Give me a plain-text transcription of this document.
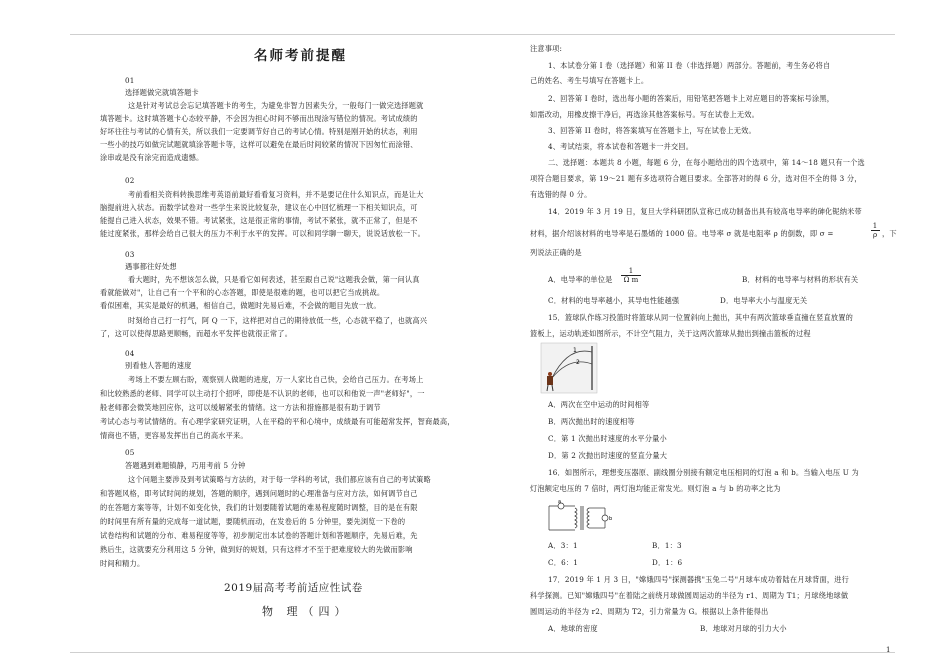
名师考前提醒
01
选择题做完就填答题卡
这是针对考试总会忘记填答题卡的考生，为避免非智力因素失分，一般每门一做完选择题就
填答题卡。这时填答题卡心态较平静，不会因为担心时间不够而出现涂写错位的情况。考试成绩的
好坏往往与考试的心情有关，所以我们一定要调节好自己的考试心情。特别是刚开始的状态，利用
一些小的技巧如做完试题就填涂答题卡等，这样可以避免在最后时间较紧的情况下因匆忙而涂错、
涂串或是没有涂完而造成遗憾。
02
考前看相关资料转换思维考英语前最好看看复习资料，并不是要记住什么知识点，而是让大
脑提前进入状态。而数学试卷对一些学生来说比较复杂，建议在心中回忆梳理一下相关知识点，可
能提自己进入状态，效果不错。考试紧张，这是很正常的事情，考试不紧张，就不正常了，但是不
能过度紧张，那样会给自己很大的压力不利于水平的发挥。可以和同学聊一聊天，说说话放松一下。
03
遇事都往好处想
看大题时，先不想该怎么做，只是看它如何表述，甚至跟自己说"这题我会做，第一问认真
看就能做对"，让自己有一个平和的心态答题，即使是很难的题，也可以把它当成挑战。
看似困难，其实是最好的机遇，相信自己，做题时先易后难，不会做的题目先放一放。
时刻给自己打一打气，阿 Q 一下，这样把对自己的期待放低一些，心态就平稳了，也就高兴
了，这可以使得思路更顺畅，而超水平发挥也就很正常了。
04
别看他人答题的速度
考场上不要左顾右盼，观察别人做题的进度，万一人家比自己快，会给自己压力。在考场上
和比较熟悉的老师、同学可以主动打个招呼，即使是不认识的老师，也可以和他说一声"老师好"，一
般老师都会微笑地回应你，这可以缓解紧张的情绪。这一方法和措施都是很有助于调节
考试心态与考试情绪的。有心理学家研究证明，人在平稳的平和心境中，成绩最有可能超常发挥，智商最高，
情商也不错，更容易发挥出自己的高水平来。
05
答题遇到难题镇静，巧用考前 5 分钟
这个问题主要涉及到考试策略与方法的，对于每一学科的考试，我们都应该有自己的考试策略
和答题风格，即考试时间的规划，答题的顺序，遇到问题时的心理准备与应对方法，如何调节自己
的在答题方案等等，计划不如变化快，我们的计划要随着试题的难易程度随时调整，目的是在有限
的时间里有所有量的完成每一道试题，要随机而动，在发卷后的 5 分钟里，要先浏览一下卷的
试卷结构和试题的分布、难易程度等等，初步制定出本试卷的答题计划和答题顺序，先易后难，先
熟后生，这就要充分利用这 5 分钟，做到好的规划，只有这样才不至于把难度较大的先做而影响
时间和精力。
2019届高考考前适应性试卷
物 理（四）
注意事项:
1、本试卷分第 I 卷（选择题）和第 II 卷（非选择题）两部分。答题前，考生务必将自
己的姓名、考生号填写在答题卡上。
2、回答第 I 卷时，选出每小题的答案后，用铅笔把答题卡上对应题目的答案标号涂黑，
如需改动，用橡皮擦干净后，再选涂其他答案标号。写在试卷上无效。
3、回答第 II 卷时，将答案填写在答题卡上，写在试卷上无效。
4、考试结束，将本试卷和答题卡一并交回。
二、选择题：本题共 8 小题，每题 6 分，在每小题给出的四个选项中，第 14～18 题只有一个选
项符合题目要求，第 19～21 题有多选项符合题目要求。全部答对的得 6 分，选对但不全的得 3 分，
有选错的得 0 分。
14．2019 年 3 月 19 日，复旦大学科研团队宣称已成功制备出具有较高电导率的砷化铌纳米带
材料，据介绍该材料的电导率是石墨烯的 1000 倍。电导率 σ 就是电阻率 ρ 的倒数，即 σ =
1
ρ ，下
列说法正确的是
A．电导率的单位是
1
Ω m	B．材料的电导率与材料的形状有关
C．材料的电导率越小，其导电性能越强	D．电导率大小与温度无关
15．篮球队作练习投篮时将篮球从同一位置斜向上抛出，其中有两次篮球垂直撞在竖直放置的
篮板上，运动轨迹如图所示，不计空气阻力，关于这两次篮球从抛出到撞击篮板的过程
1
2
A．两次在空中运动的时间相等
B．两次抛出时的速度相等
C．第 1 次抛出时速度的水平分量小
D．第 2 次抛出时速度的竖直分量大
16．如图所示，理想变压器原、副线圈分别接有额定电压相同的灯泡 a 和 b。当输入电压 U 为
灯泡额定电压的 7 倍时，两灯泡均能正常发光。则灯泡 a 与 b 的功率之比为
a
b
A．3：1	B．1：3
C．6：1	D．1：6
17．2019 年 1 月 3 日，"嫦娥四号"探测器携"玉兔二号"月球车成功着陆在月球背面，进行
科学探测。已知"嫦娥四号"在着陆之前绕月球做圆周运动的半径为 r1、周期为 T1；月球绕地球做
圆周运动的半径为 r2、周期为 T2，引力常量为 G。根据以上条件能得出
A．地球的密度	B．地球对月球的引力大小
1
